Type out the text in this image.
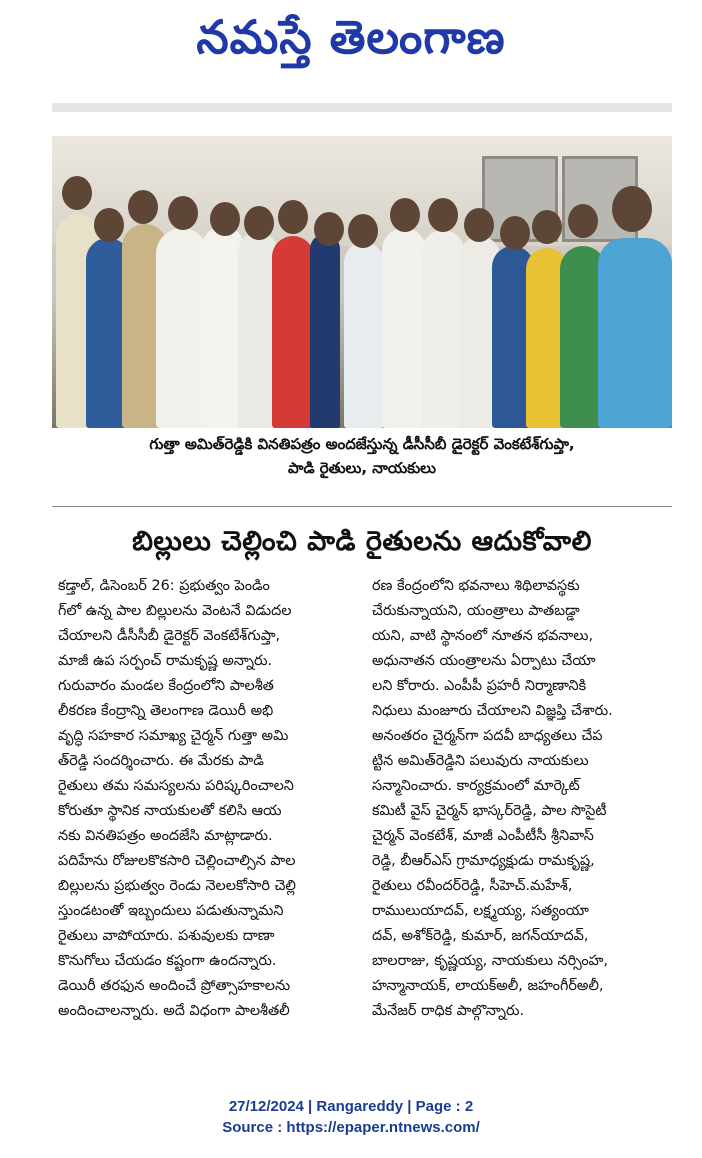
నమస్తే తెలంగాణ
గుత్తా అమిత్‌రెడ్డికి వినతిపత్రం అందజేస్తున్న డీసీసీబీ డైరెక్టర్ వెంకటేశ్‌గుప్తా,
పాడి రైతులు, నాయకులు
బిల్లులు చెల్లించి పాడి రైతులను ఆదుకోవాలి
కడ్తాల్, డిసెంబర్ 26: ప్రభుత్వం పెండిం
గ్‌లో ఉన్న పాల బిల్లులను వెంటనే విడుదల
చేయాలని డీసీసీబీ డైరెక్టర్ వెంకటేశ్‌గుప్తా,
మాజీ ఉప సర్పంచ్ రామకృష్ణ అన్నారు.
గురువారం మండల కేంద్రంలోని పాలశీత
లీకరణ కేంద్రాన్ని తెలంగాణ డెయిరీ అభి
వృద్ధి సహకార సమాఖ్య చైర్మన్ గుత్తా అమి
త్‌రెడ్డి సందర్శించారు. ఈ మేరకు పాడి
రైతులు తమ సమస్యలను పరిష్కరించాలని
కోరుతూ స్థానిక నాయకులతో కలిసి ఆయ
నకు వినతిపత్రం అందజేసి మాట్లాడారు.
పదిహేను రోజులకొకసారి చెల్లించాల్సిన పాల
బిల్లులను ప్రభుత్వం రెండు నెలలకోసారి చెల్లి
స్తుండటంతో ఇబ్బందులు పడుతున్నామని
రైతులు వాపోయారు. పశువులకు దాణా
కొనుగోలు చేయడం కష్టంగా ఉందన్నారు.
డెయిరీ తరఫున అందించే ప్రోత్సాహకాలను
అందించాలన్నారు. అదే విధంగా పాలశీతలీ
రణ కేంద్రంలోని భవనాలు శిథిలావస్థకు
చేరుకున్నాయని, యంత్రాలు పాతబడ్డా
యని, వాటి స్థానంలో నూతన భవనాలు,
అధునాతన యంత్రాలను ఏర్పాటు చేయా
లని కోరారు. ఎంపీపీ ప్రహరీ నిర్మాణానికి
నిధులు మంజూరు చేయాలని విజ్ఞప్తి చేశారు.
అనంతరం చైర్మన్‌గా పదవీ బాధ్యతలు చేప
ట్టిన అమిత్‌రెడ్డిని పలువురు నాయకులు
సన్మానించారు. కార్యక్రమంలో మార్కెట్
కమిటీ వైస్ చైర్మన్ భాస్కర్‌రెడ్డి, పాల సొసైటీ
చైర్మన్ వెంకటేశ్, మాజీ ఎంపీటీసీ శ్రీనివాస్
రెడ్డి, బీఆర్‌ఎస్ గ్రామాధ్యక్షుడు రామకృష్ణ,
రైతులు రవీందర్‌రెడ్డి, సీహెచ్.మహేశ్,
రాములుయాదవ్, లక్ష్మయ్య, సత్యంయా
దవ్, అశోక్‌రెడ్డి, కుమార్, జగన్‌యాదవ్,
బాలరాజు, కృష్ణయ్య, నాయకులు నర్సింహ,
హన్మానాయక్, లాయక్‌అలీ, జహంగీర్‌అలీ,
మేనేజర్ రాధిక పాల్గొన్నారు.
27/12/2024 | Rangareddy | Page : 2
Source : https://epaper.ntnews.com/
